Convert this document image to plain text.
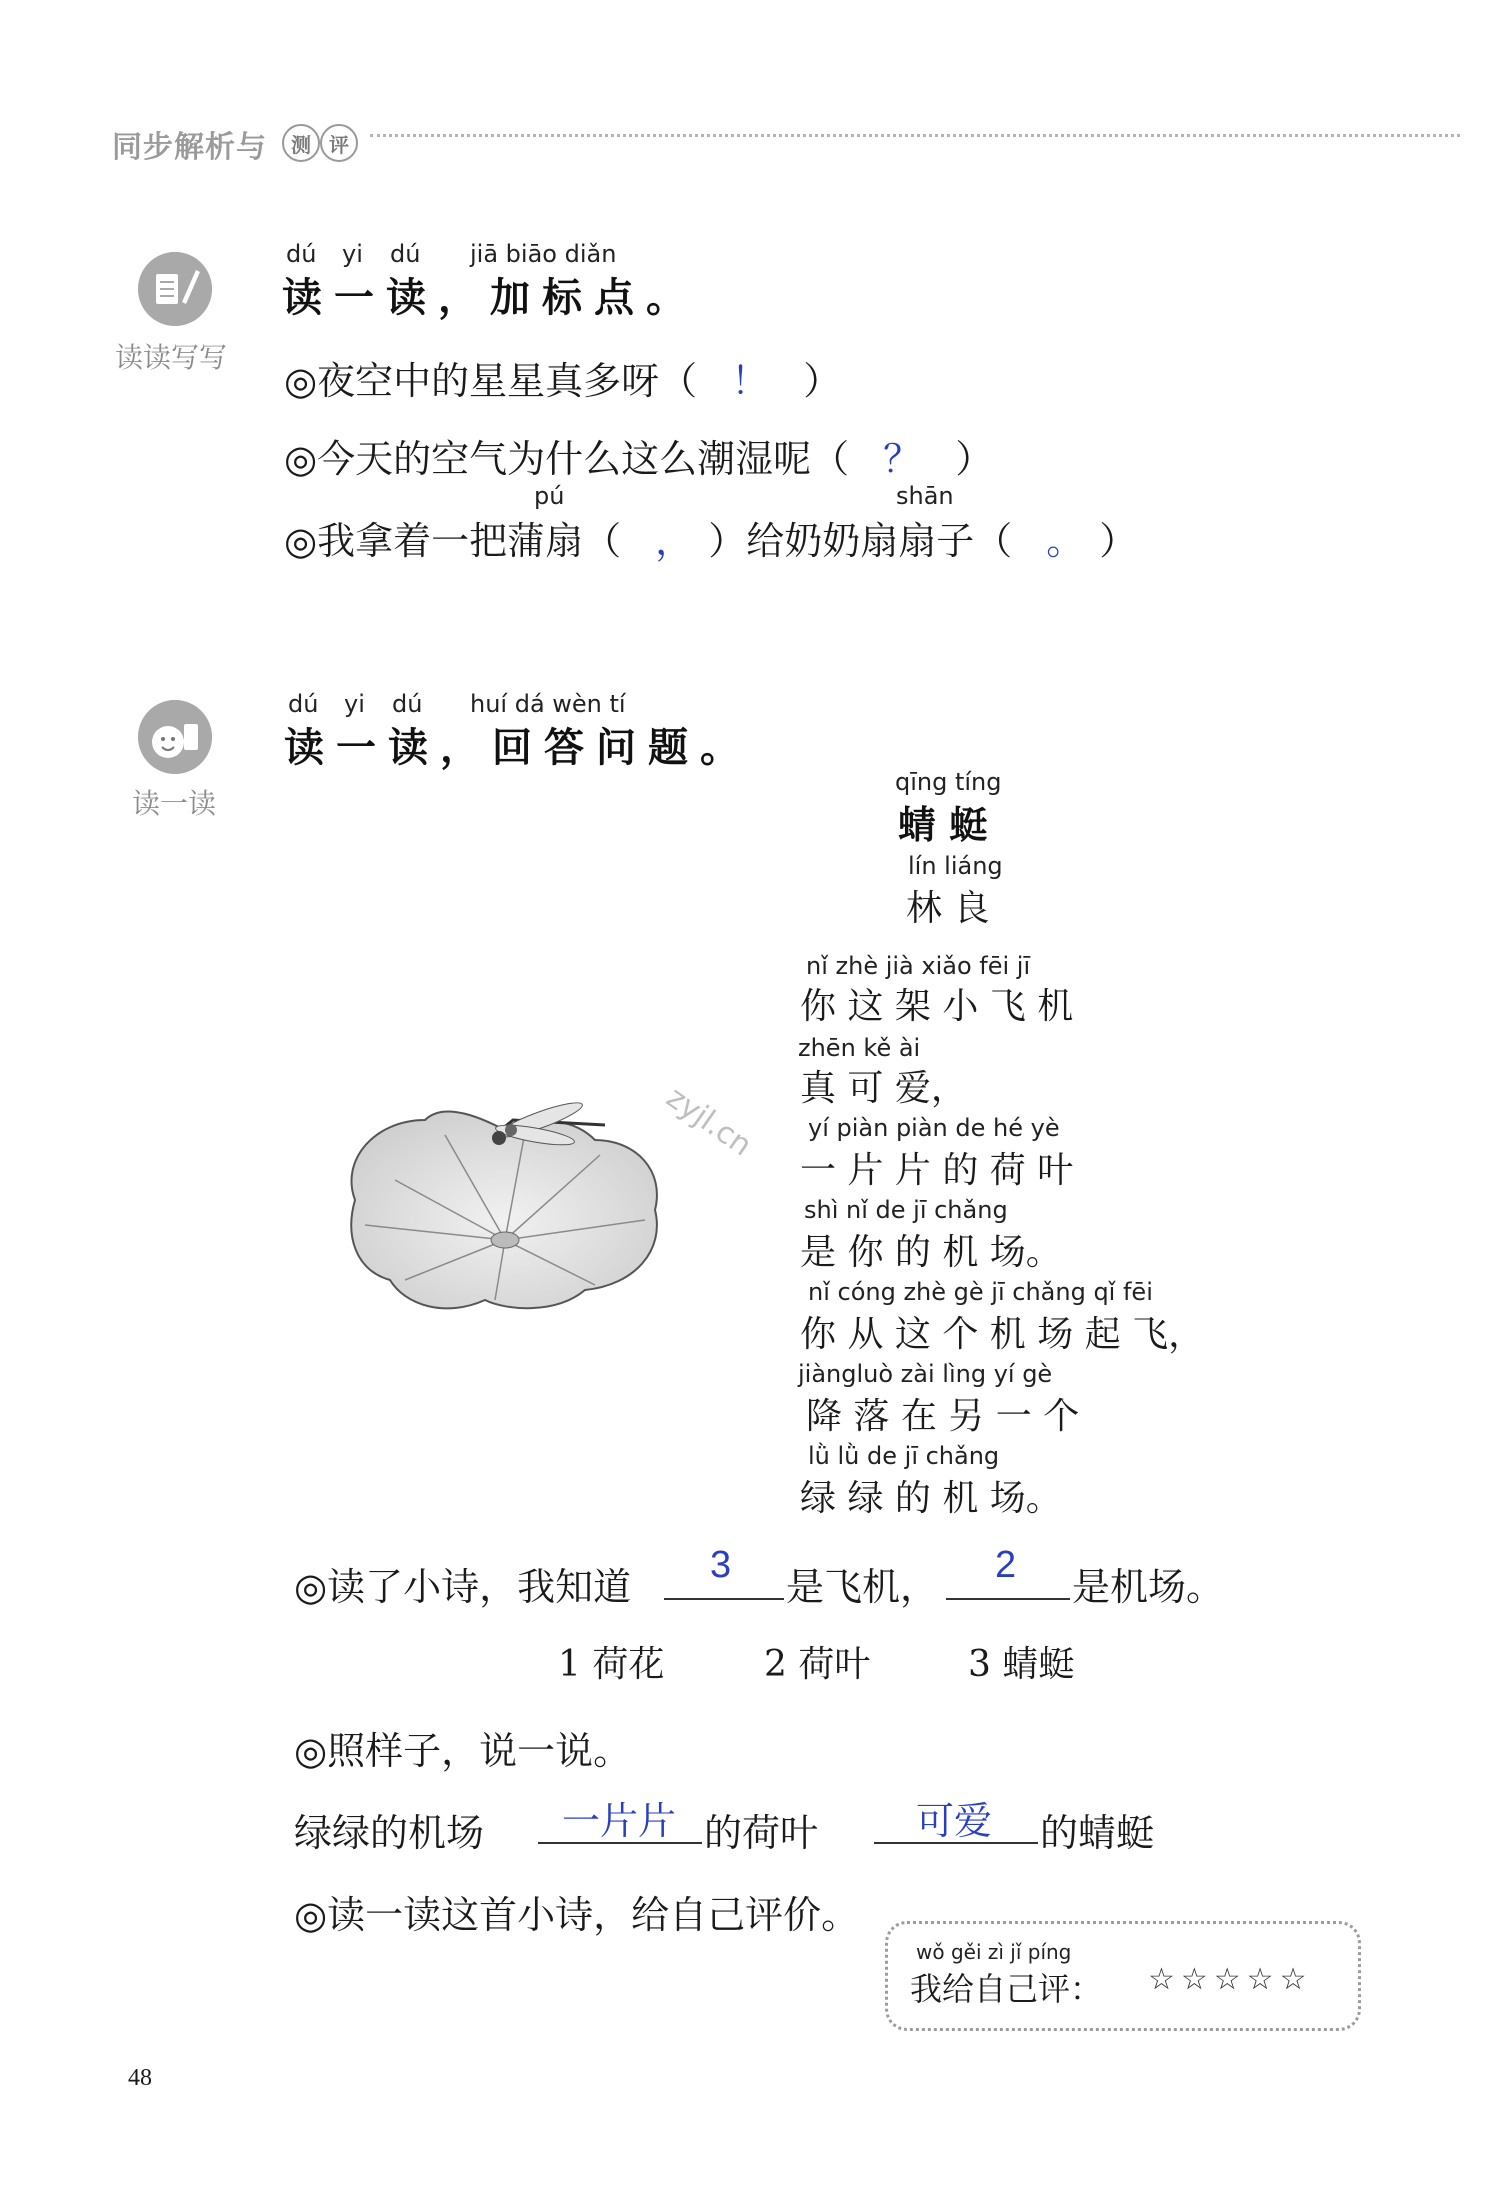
同步解析与	测 评
读读写写
dú yi dú jiā biāo diǎn
读一读，加标点。
◎夜空中的星星真多呀（ ！ ）
◎今天的空气为什么这么潮湿呢（ ？ ）
pú	shān
◎我拿着一把蒲扇（ ， ）给奶奶扇扇子（ 。 ）
读一读
dú yi dú huí dá wèn tí
读一读，回答问题。
qīng tíng
蜻 蜓
lín liáng
林 良
nǐ zhè jià xiǎo fēi jī
你 这 架 小 飞 机
zhēn kě ài
真 可 爱，
yí piàn piàn de hé yè
一 片 片 的 荷 叶
shì nǐ de jī chǎng
是 你 的 机 场。
nǐ cóng zhè gè jī chǎng qǐ fēi
你 从 这 个 机 场 起 飞，
jiàngluò zài lìng yí gè
降 落 在 另 一 个
lǜ lǜ de jī chǎng
绿 绿 的 机 场。
zyjl.cn
◎读了小诗，我知道 3 是飞机， 2 是机场。
1 荷花	2 荷叶	3 蜻蜓
◎照样子，说一说。
绿绿的机场 一片片 的荷叶	可爱 的蜻蜓
◎读一读这首小诗，给自己评价。
wǒ gěi zì jǐ píng
我给自己评： ☆☆☆☆☆
48
